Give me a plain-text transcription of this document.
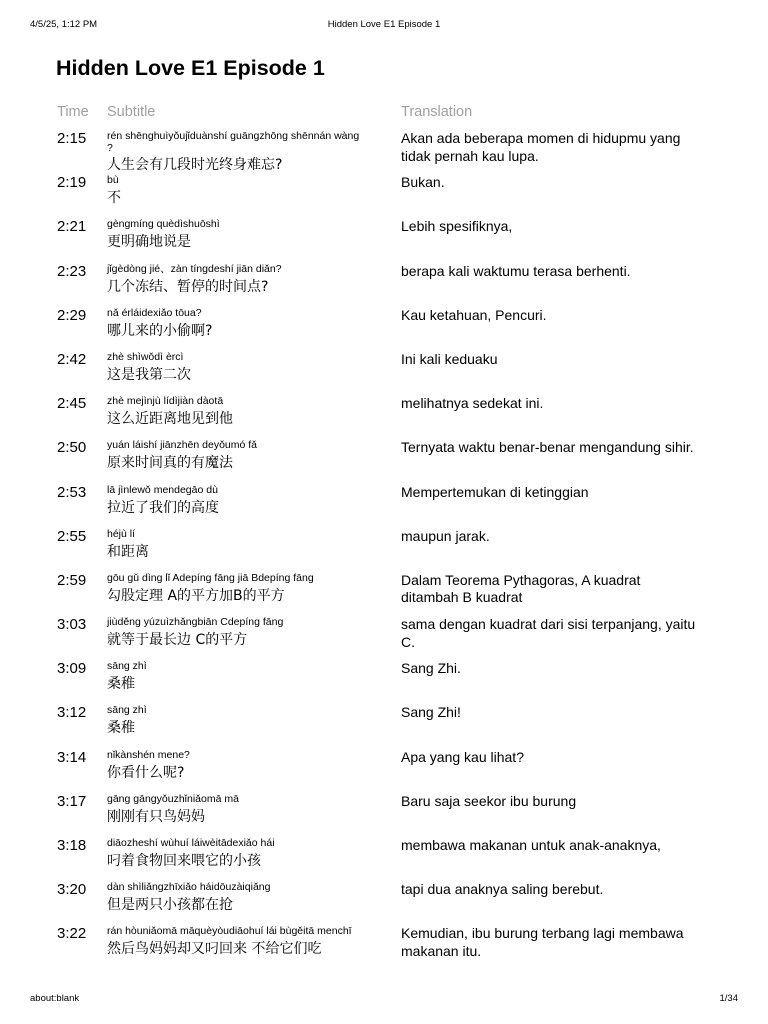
4/5/25, 1:12 PM	Hidden Love E1 Episode 1
Hidden Love E1 Episode 1
Time Subtitle	Translation
2:15 rén shēnghuìyǒujǐduànshí guāngzhōng shēnnán wàng
?
人生会有几段时光终身难忘?
Akan ada beberapa momen di hidupmu yang tidak pernah kau lupa.
2:19 bù
不
Bukan.
2:21 gèngmíng quèdìshuōshì
更明确地说是
Lebih spesifiknya,
2:23 jǐgèdòng jié、zàn tíngdeshí jiān diǎn?
几个冻结、暂停的时间点?
berapa kali waktumu terasa berhenti.
2:29 nǎ érláidexiǎo tōua?
哪儿来的小偷啊?
Kau ketahuan, Pencuri.
2:42 zhè shìwǒdì èrcì
这是我第二次
Ini kali keduaku
2:45 zhè mejìnjù lídìjiàn dàotā
这么近距离地见到他
melihatnya sedekat ini.
2:50 yuán láishí jiānzhēn deyǒumó fǎ
原来时间真的有魔法
Ternyata waktu benar-benar mengandung sihir.
2:53 lā jìnlewǒ mendegāo dù
拉近了我们的高度
Mempertemukan di ketinggian
2:55 héjù lí
和距离
maupun jarak.
2:59 gōu gǔ dìng lǐ Adepíng fāng jiā Bdepíng fāng
勾股定理 A的平方加B的平方
Dalam Teorema Pythagoras, A kuadrat ditambah B kuadrat
3:03 jiùděng yúzuìzhǎngbiān Cdepíng fāng
就等于最长边 C的平方
sama dengan kuadrat dari sisi terpanjang, yaitu C.
3:09 sāng zhì
桑稚
Sang Zhi.
3:12 sāng zhì
桑稚
Sang Zhi!
3:14 nǐkànshén mene?
你看什么呢?
Apa yang kau lihat?
3:17 gāng gāngyǒuzhǐniǎomā mā
刚刚有只鸟妈妈
Baru saja seekor ibu burung
3:18 diāozheshí wùhuí láiwèitādexiǎo hái
叼着食物回来喂它的小孩
membawa makanan untuk anak-anaknya,
3:20 dàn shìliǎngzhīxiǎo háidōuzàiqiǎng
但是两只小孩都在抢
tapi dua anaknya saling berebut.
3:22 rán hòuniǎomā māquèyòudiāohuí lái bùgěitā menchī
然后鸟妈妈却又叼回来 不给它们吃
Kemudian, ibu burung terbang lagi membawa makanan itu.
about:blank	1/34
